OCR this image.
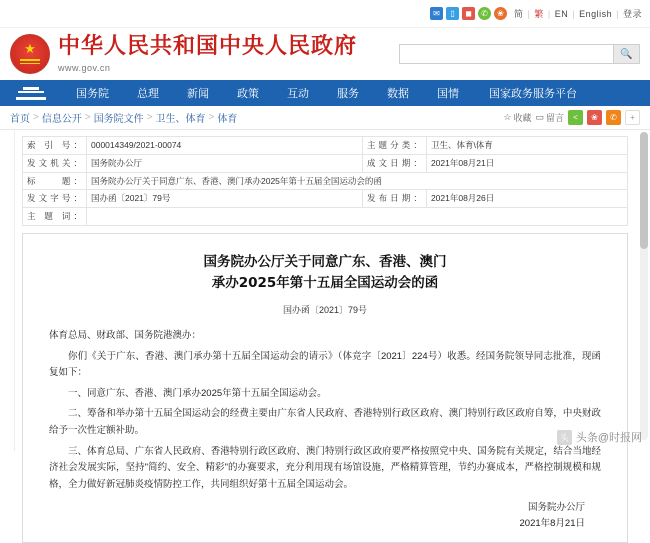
✉	▯	◼	✆	❀	简 | 繁 | EN | English | 登录
★
中华人民共和国中央人民政府
www.gov.cn
🔍
国务院	总理	新闻	政策	互动	服务	数据	国情	国家政务服务平台
首页 > 信息公开 > 国务院文件 > 卫生、体育 > 体育	☆ 收藏 ▭ 留言	<	❀	✆	+
索 引 号：	000014349/2021-00074	主题分类：	卫生、体育\体育
发文机关：	国务院办公厅	成文日期：	2021年08月21日
标　　题：	国务院办公厅关于同意广东、香港、澳门承办2025年第十五届全国运动会的函		
发文字号：	国办函〔2021〕79号	发布日期：	2021年08月26日
主 题 词：			
国务院办公厅关于同意广东、香港、澳门
承办2025年第十五届全国运动会的函
国办函〔2021〕79号

体育总局、财政部、国务院港澳办：

你们《关于广东、香港、澳门承办第十五届全国运动会的请示》（体竞字〔2021〕224号）收悉。经国务院领导同志批准，现函复如下：

一、同意广东、香港、澳门承办2025年第十五届全国运动会。

二、筹备和举办第十五届全国运动会的经费主要由广东省人民政府、香港特别行政区政府、澳门特别行政区政府自筹，中央财政给予一次性定额补助。

三、体育总局、广东省人民政府、香港特别行政区政府、澳门特别行政区政府要严格按照党中央、国务院有关规定，结合当地经济社会发展实际，坚持"简约、安全、精彩"的办赛要求，充分利用现有场馆设施，严格精算管理，节约办赛成本，严格控制规模和规格，全力做好新冠肺炎疫情防控工作，共同组织好第十五届全国运动会。

国务院办公厅
2021年8月21日
头 头条@时报网
